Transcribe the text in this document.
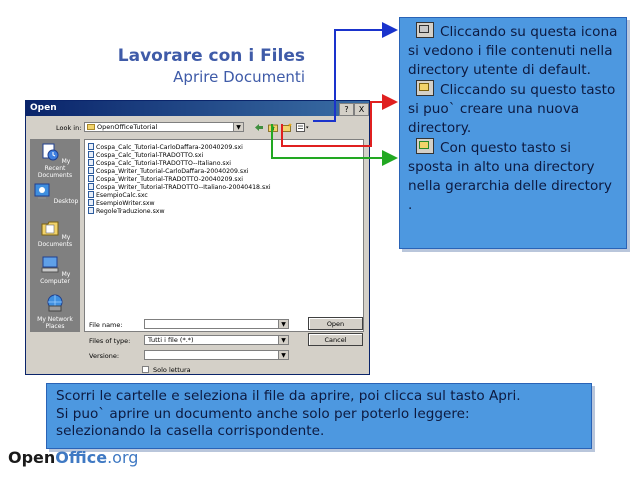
Lavorare con i Files
Aprire Documenti
Open	?	X
Look in:	OpenOfficeTutorial	▼
My Recent Documents
Desktop
My Documents
My Computer
My Network Places
Cospa_Calc_Tutorial-CarloDaffara-20040209.sxi
Cospa_Calc_Tutorial-TRADOTTO.sxi
Cospa_Calc_Tutorial-TRADOTTO--Italiano.sxi
Cospa_Writer_Tutorial-CarloDaffara-20040209.sxi
Cospa_Writer_Tutorial-TRADOTTO-20040209.sxi
Cospa_Writer_Tutorial-TRADOTTO--Italiano-20040418.sxi
EsempioCalc.sxc
EsempioWriter.sxw
RegoleTraduzione.sxw
File name:	▼	Open
Files of type:	Tutti i file (*.*)	▼	Cancel
Versione:	▼
Solo lettura

Cliccando su questa icona si vedono i file contenuti nella directory utente di default.

Cliccando su questo tasto si puo` creare una nuova directory.

Con questo tasto si sposta in alto una directory nella gerarchia delle directory .

Scorri le cartelle e seleziona il file da aprire, poi clicca sul tasto Apri.
Si puo` aprire un documento anche solo per poterlo leggere:
selezionando la casella corrispondente.
OpenOffice.org
